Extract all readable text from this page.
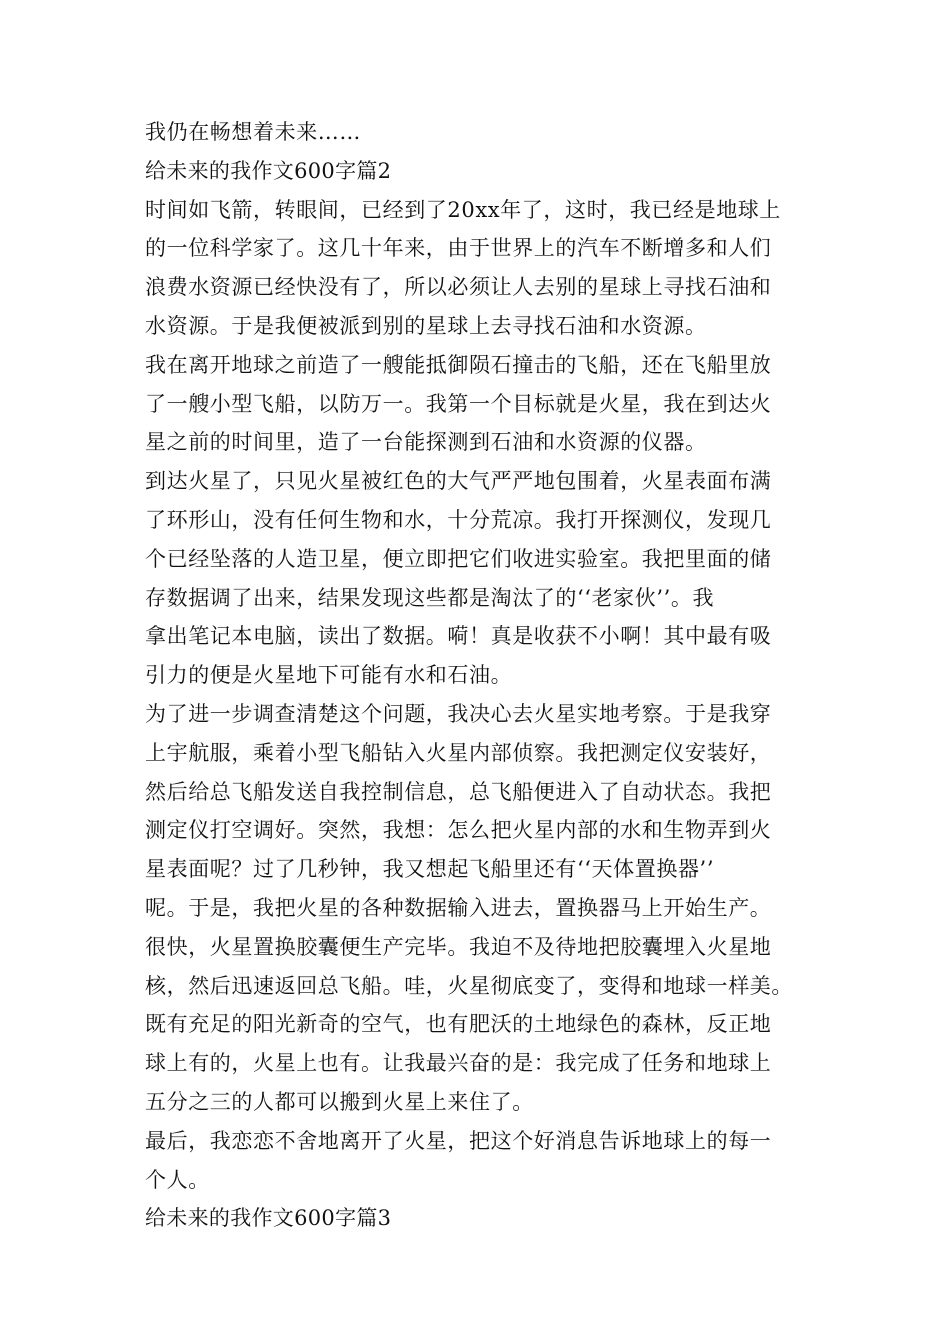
我仍在畅想着未来……
给未来的我作文600字篇2
时间如飞箭，转眼间，已经到了20xx年了，这时，我已经是地球上
的一位科学家了。这几十年来，由于世界上的汽车不断增多和人们
浪费水资源已经快没有了，所以必须让人去别的星球上寻找石油和
水资源。于是我便被派到别的星球上去寻找石油和水资源。
我在离开地球之前造了一艘能抵御陨石撞击的飞船，还在飞船里放
了一艘小型飞船，以防万一。我第一个目标就是火星，我在到达火
星之前的时间里，造了一台能探测到石油和水资源的仪器。
到达火星了，只见火星被红色的大气严严地包围着，火星表面布满
了环形山，没有任何生物和水，十分荒凉。我打开探测仪，发现几
个已经坠落的人造卫星，便立即把它们收进实验室。我把里面的储
存数据调了出来，结果发现这些都是淘汰了的‘‘老家伙’’。我
拿出笔记本电脑，读出了数据。嗬！真是收获不小啊！其中最有吸
引力的便是火星地下可能有水和石油。
为了进一步调查清楚这个问题，我决心去火星实地考察。于是我穿
上宇航服，乘着小型飞船钻入火星内部侦察。我把测定仪安装好，
然后给总飞船发送自我控制信息，总飞船便进入了自动状态。我把
测定仪打空调好。突然，我想：怎么把火星内部的水和生物弄到火
星表面呢？过了几秒钟，我又想起飞船里还有‘‘天体置换器’’
呢。于是，我把火星的各种数据输入进去，置换器马上开始生产。
很快，火星置换胶囊便生产完毕。我迫不及待地把胶囊埋入火星地
核，然后迅速返回总飞船。哇，火星彻底变了，变得和地球一样美。
既有充足的阳光新奇的空气，也有肥沃的土地绿色的森林，反正地
球上有的，火星上也有。让我最兴奋的是：我完成了任务和地球上
五分之三的人都可以搬到火星上来住了。
最后，我恋恋不舍地离开了火星，把这个好消息告诉地球上的每一
个人。
给未来的我作文600字篇3
